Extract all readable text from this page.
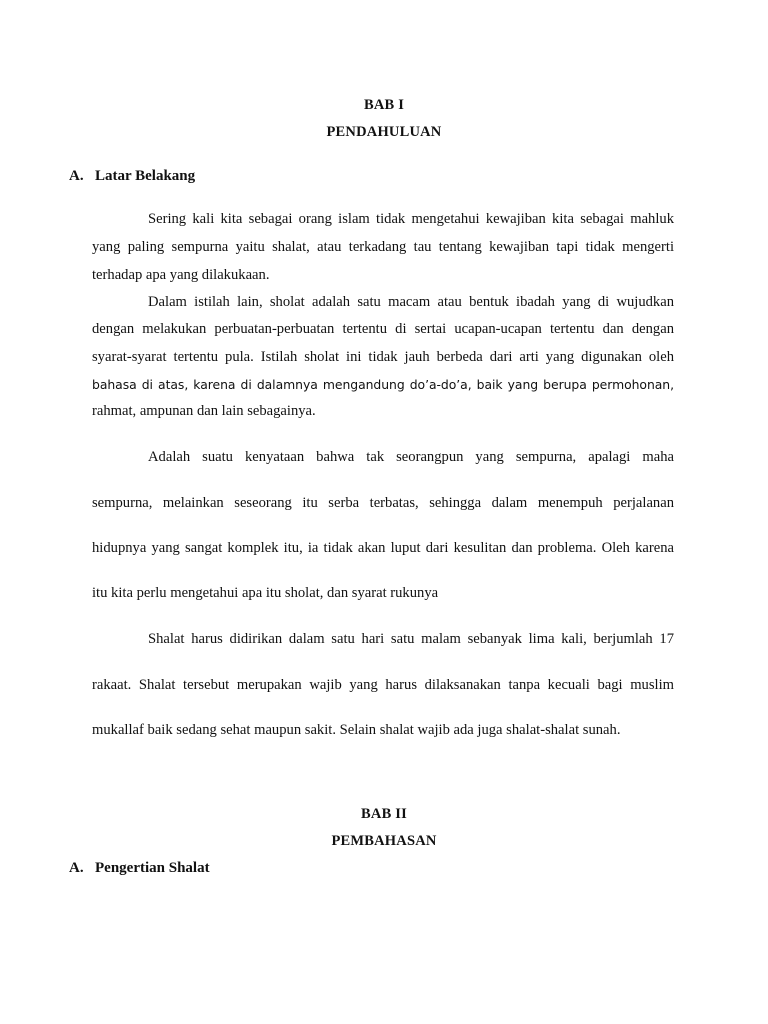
BAB I
PENDAHULUAN
A. Latar Belakang
Sering kali kita sebagai orang islam tidak mengetahui kewajiban kita sebagai mahluk
yang paling sempurna yaitu shalat, atau terkadang tau tentang kewajiban tapi tidak mengerti
terhadap apa yang dilakukaan.
Dalam istilah lain, sholat adalah satu macam atau bentuk ibadah yang di wujudkan
dengan melakukan perbuatan-perbuatan tertentu di sertai ucapan-ucapan tertentu dan dengan
syarat-syarat tertentu pula. Istilah sholat ini tidak jauh berbeda dari arti yang digunakan oleh
bahasa di atas, karena di dalamnya mengandung do’a-do’a, baik yang berupa permohonan,
rahmat, ampunan dan lain sebagainya.
Adalah suatu kenyataan bahwa tak seorangpun yang sempurna, apalagi maha
sempurna, melainkan seseorang itu serba terbatas, sehingga dalam menempuh perjalanan
hidupnya yang sangat komplek itu, ia tidak akan luput dari kesulitan dan problema. Oleh karena
itu kita perlu mengetahui apa itu sholat, dan syarat rukunya
Shalat harus didirikan dalam satu hari satu malam sebanyak lima kali, berjumlah 17
rakaat. Shalat tersebut merupakan wajib yang harus dilaksanakan tanpa kecuali bagi muslim
mukallaf baik sedang sehat maupun sakit. Selain shalat wajib ada juga shalat-shalat sunah.
BAB II
PEMBAHASAN
A. Pengertian Shalat
